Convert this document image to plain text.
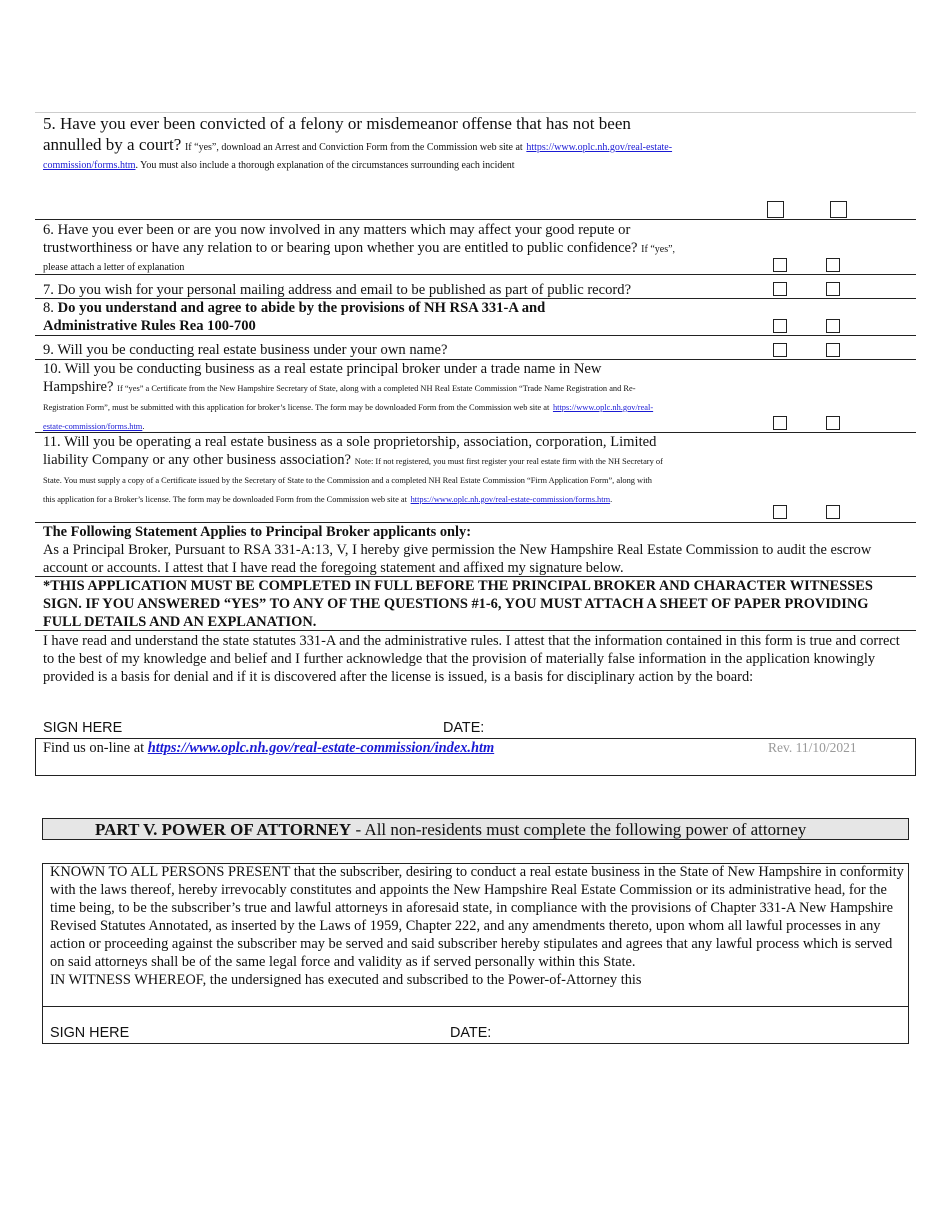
5. Have you ever been convicted of a felony or misdemeanor offense that has not been annulled by a court? If “yes”, download an Arrest and Conviction Form from the Commission web site at https://www.oplc.nh.gov/real-estate-commission/forms.htm. You must also include a thorough explanation of the circumstances surrounding each incident
6. Have you ever been or are you now involved in any matters which may affect your good repute or trustworthiness or have any relation to or bearing upon whether you are entitled to public confidence? If “yes”, please attach a letter of explanation
7. Do you wish for your personal mailing address and email to be published as part of public record?
8. Do you understand and agree to abide by the provisions of NH RSA 331-A and Administrative Rules Rea 100-700
9. Will you be conducting real estate business under your own name?
10. Will you be conducting business as a real estate principal broker under a trade name in New Hampshire? If “yes” a Certificate from the New Hampshire Secretary of State, along with a completed NH Real Estate Commission “Trade Name Registration and Re-Registration Form”, must be submitted with this application for broker’s license. The form may be downloaded Form from the Commission web site at https://www.oplc.nh.gov/real-estate-commission/forms.htm.
11. Will you be operating a real estate business as a sole proprietorship, association, corporation, Limited liability Company or any other business association? Note: If not registered, you must first register your real estate firm with the NH Secretary of State. You must supply a copy of a Certificate issued by the Secretary of State to the Commission and a completed NH Real Estate Commission “Firm Application Form”, along with this application for a Broker’s license. The form may be downloaded Form from the Commission web site at https://www.oplc.nh.gov/real-estate-commission/forms.htm.
The Following Statement Applies to Principal Broker applicants only:
As a Principal Broker, Pursuant to RSA 331-A:13, V, I hereby give permission the New Hampshire Real Estate Commission to audit the escrow account or accounts. I attest that I have read the foregoing statement and affixed my signature below.
*THIS APPLICATION MUST BE COMPLETED IN FULL BEFORE THE PRINCIPAL BROKER AND CHARACTER WITNESSES SIGN. IF YOU ANSWERED “YES” TO ANY OF THE QUESTIONS #1-6, YOU MUST ATTACH A SHEET OF PAPER PROVIDING FULL DETAILS AND AN EXPLANATION.
I have read and understand the state statutes 331-A and the administrative rules. I attest that the information contained in this form is true and correct to the best of my knowledge and belief and I further acknowledge that the provision of materially false information in the application knowingly provided is a basis for denial and if it is discovered after the license is issued, is a basis for disciplinary action by the board:
SIGN HERE	DATE:
Find us on-line at https://www.oplc.nh.gov/real-estate-commission/index.htm	Rev. 11/10/2021
PART V. POWER OF ATTORNEY - All non-residents must complete the following power of attorney
KNOWN TO ALL PERSONS PRESENT that the subscriber, desiring to conduct a real estate business in the State of New Hampshire in conformity with the laws thereof, hereby irrevocably constitutes and appoints the New Hampshire Real Estate Commission or its administrative head, for the time being, to be the subscriber’s true and lawful attorneys in aforesaid state, in compliance with the provisions of Chapter 331-A New Hampshire Revised Statutes Annotated, as inserted by the Laws of 1959, Chapter 222, and any amendments thereto, upon whom all lawful processes in any action or proceeding against the subscriber may be served and said subscriber hereby stipulates and agrees that any lawful process which is served on said attorneys shall be of the same legal force and validity as if served personally within this State.
IN WITNESS WHEREOF, the undersigned has executed and subscribed to the Power-of-Attorney this
SIGN HERE	DATE:
